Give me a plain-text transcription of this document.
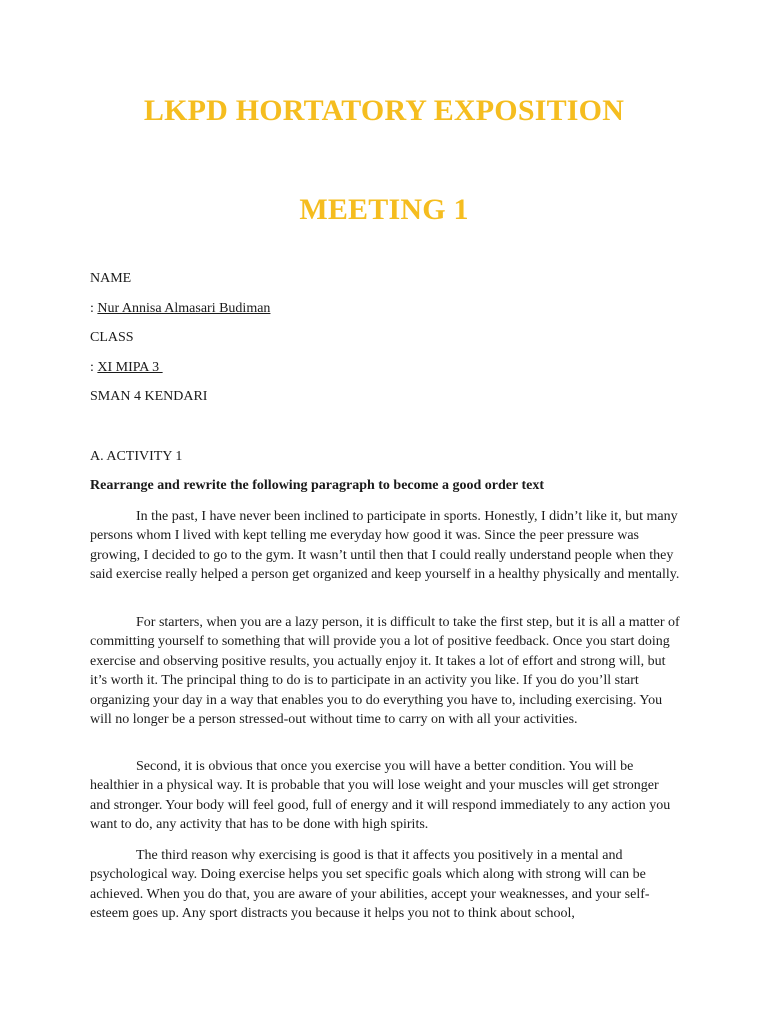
LKPD HORTATORY EXPOSITION
MEETING 1

NAME

: Nur Annisa Almasari Budiman

CLASS

: XI MIPA 3

SMAN 4 KENDARI

A. ACTIVITY 1

Rearrange and rewrite the following paragraph to become a good order text

In the past, I have never been inclined to participate in sports. Honestly, I didn’t like it, but many persons whom I lived with kept telling me everyday how good it was. Since the peer pressure was growing, I decided to go to the gym. It wasn’t until then that I could really understand people when they said exercise really helped a person get organized and keep yourself in a healthy physically and mentally.

For starters, when you are a lazy person, it is difficult to take the first step, but it is all a matter of committing yourself to something that will provide you a lot of positive feedback. Once you start doing exercise and observing positive results, you actually enjoy it. It takes a lot of effort and strong will, but it’s worth it. The principal thing to do is to participate in an activity you like. If you do you’ll start organizing your day in a way that enables you to do everything you have to, including exercising. You will no longer be a person stressed-out without time to carry on with all your activities.

Second, it is obvious that once you exercise you will have a better condition. You will be healthier in a physical way. It is probable that you will lose weight and your muscles will get stronger and stronger. Your body will feel good, full of energy and it will respond immediately to any action you want to do, any activity that has to be done with high spirits.

The third reason why exercising is good is that it affects you positively in a mental and psychological way. Doing exercise helps you set specific goals which along with strong will can be achieved. When you do that, you are aware of your abilities, accept your weaknesses, and your self-esteem goes up. Any sport distracts you because it helps you not to think about school,
